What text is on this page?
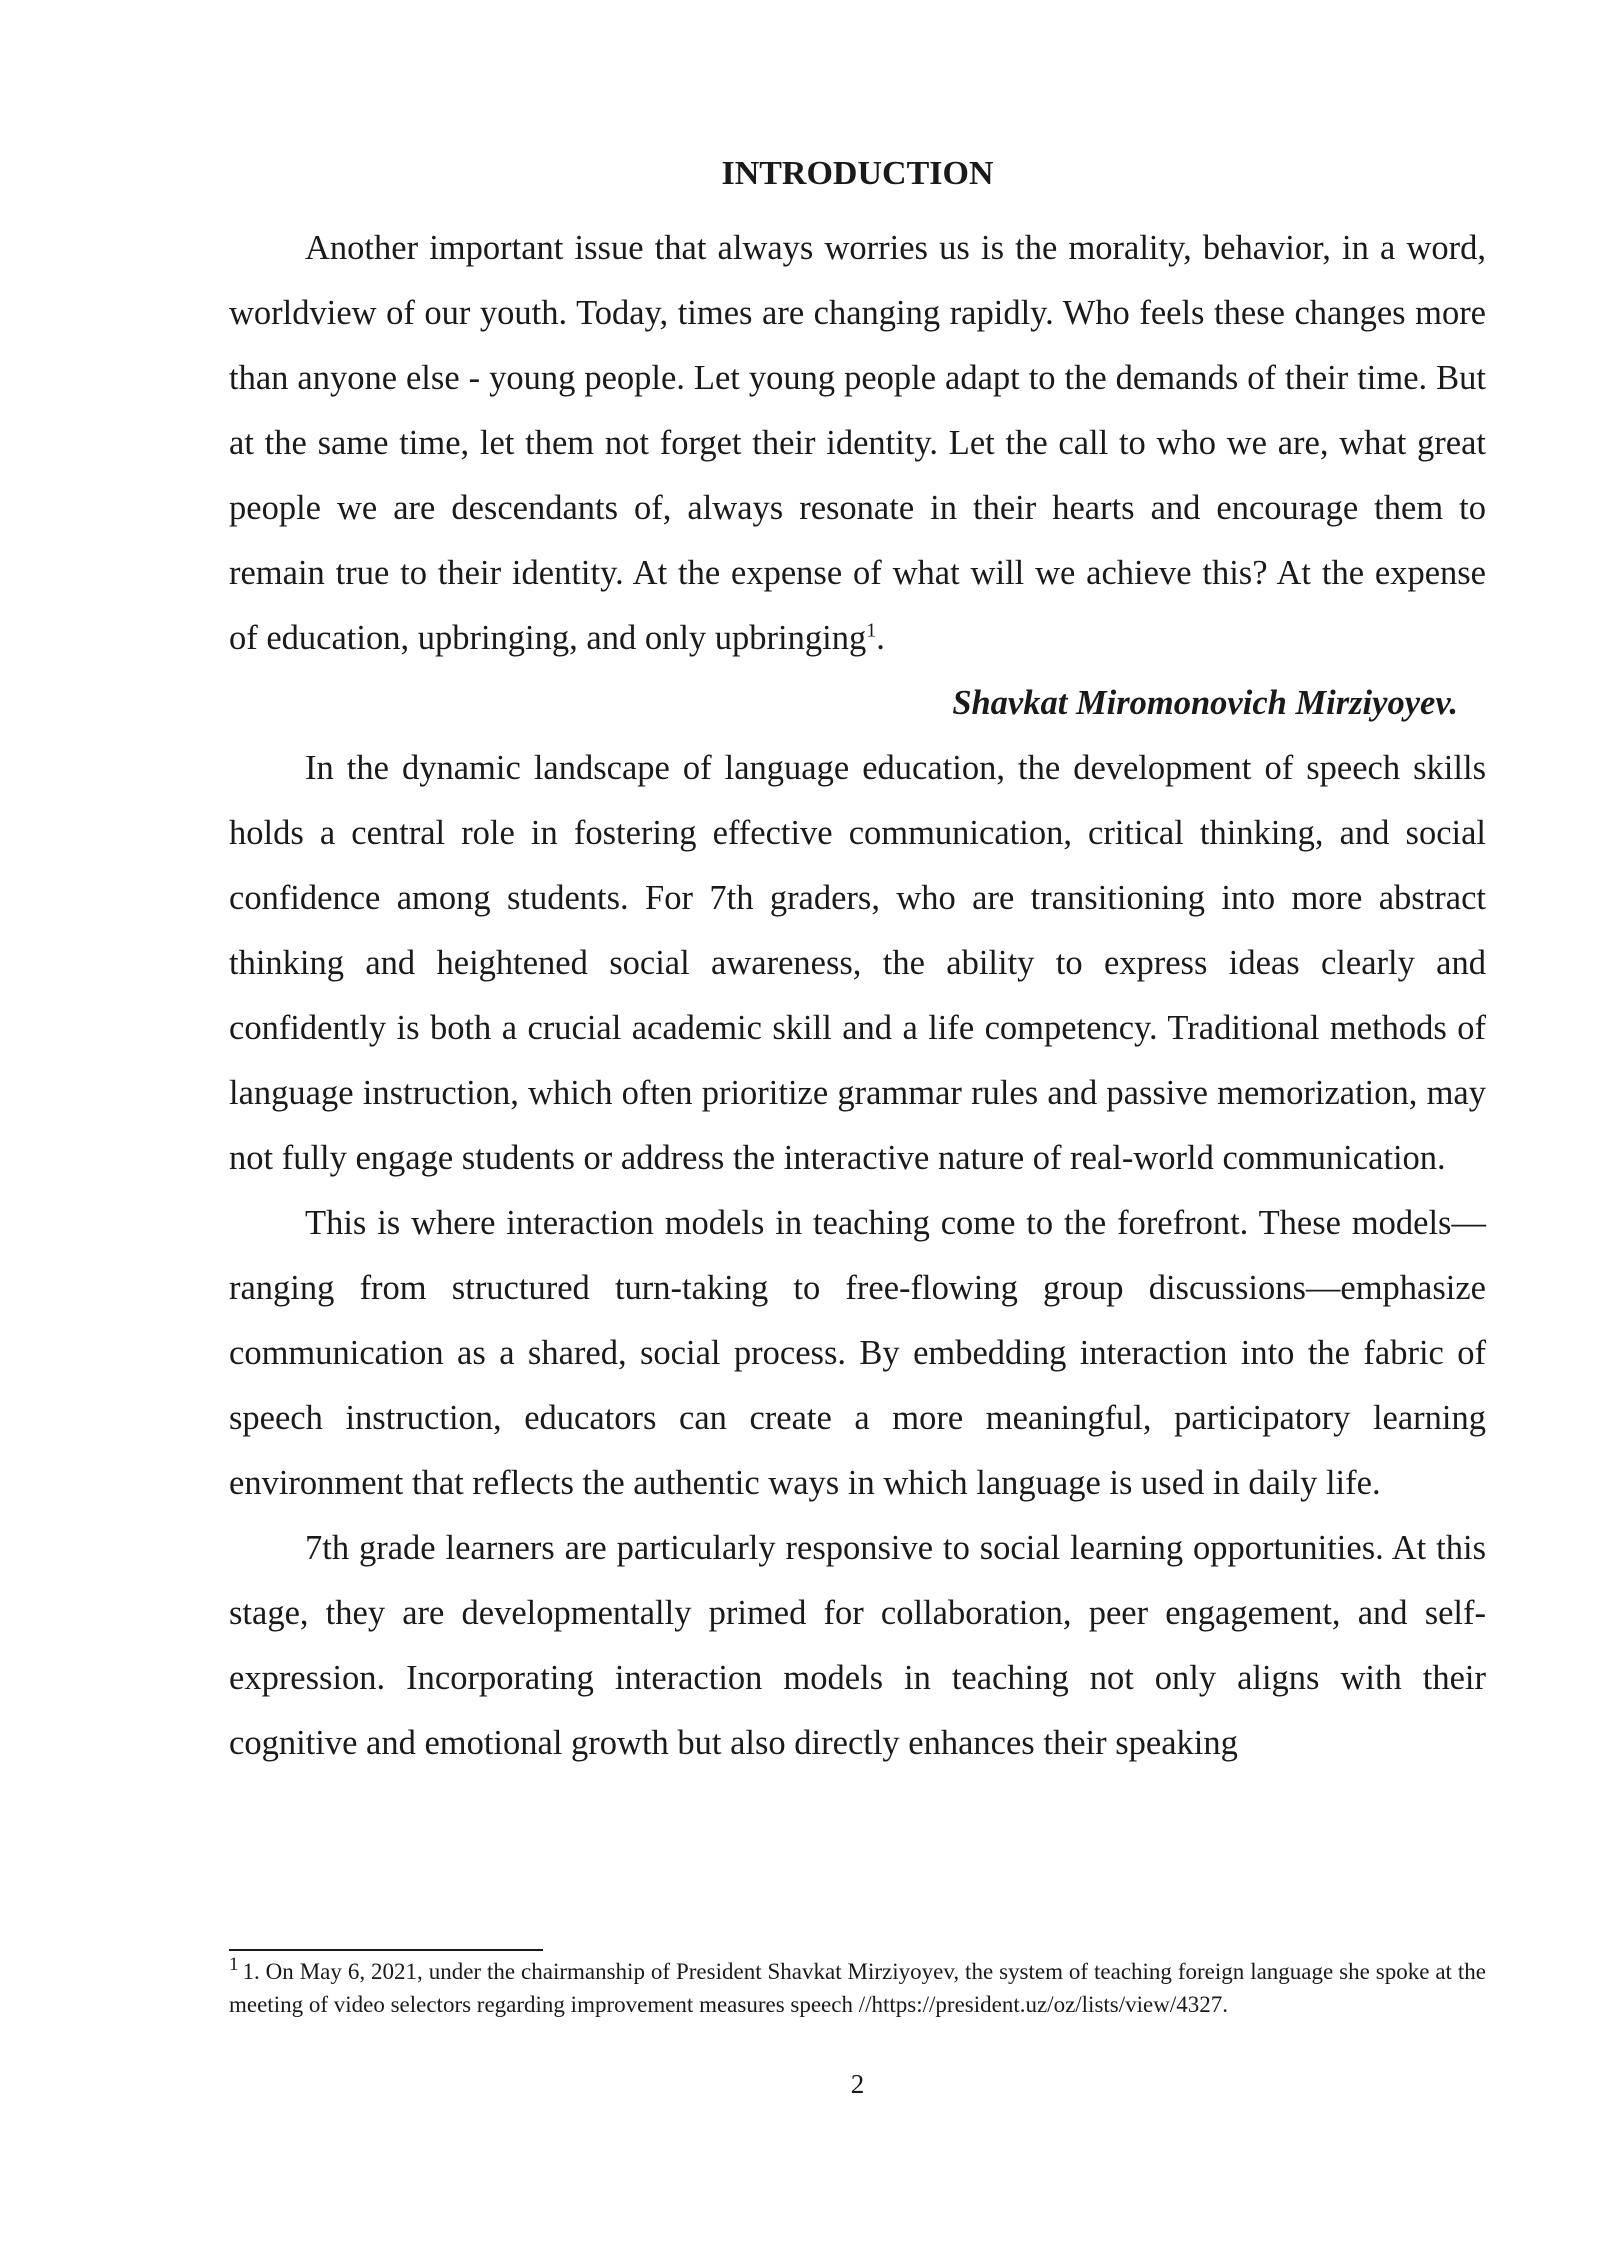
INTRODUCTION

Another important issue that always worries us is the morality, behavior, in a word, worldview of our youth. Today, times are changing rapidly. Who feels these changes more than anyone else - young people. Let young people adapt to the demands of their time. But at the same time, let them not forget their identity. Let the call to who we are, what great people we are descendants of, always resonate in their hearts and encourage them to remain true to their identity. At the expense of what will we achieve this? At the expense of education, upbringing, and only upbringing$^1$.

Shavkat Miromonovich Mirziyoyev.

In the dynamic landscape of language education, the development of speech skills holds a central role in fostering effective communication, critical thinking, and social confidence among students. For 7th graders, who are transitioning into more abstract thinking and heightened social awareness, the ability to express ideas clearly and confidently is both a crucial academic skill and a life competency. Traditional methods of language instruction, which often prioritize grammar rules and passive memorization, may not fully engage students or address the interactive nature of real-world communication.

This is where interaction models in teaching come to the forefront. These models—ranging from structured turn-taking to free-flowing group discussions—emphasize communication as a shared, social process. By embedding interaction into the fabric of speech instruction, educators can create a more meaningful, participatory learning environment that reflects the authentic ways in which language is used in daily life.

7th grade learners are particularly responsive to social learning opportunities. At this stage, they are developmentally primed for collaboration, peer engagement, and self-expression. Incorporating interaction models in teaching not only aligns with their cognitive and emotional growth but also directly enhances their speaking

$^1$ 1. On May 6, 2021, under the chairmanship of President Shavkat Mirziyoyev, the system of teaching foreign language she spoke at the meeting of video selectors regarding improvement measures speech //https://president.uz/oz/lists/view/4327.
2
